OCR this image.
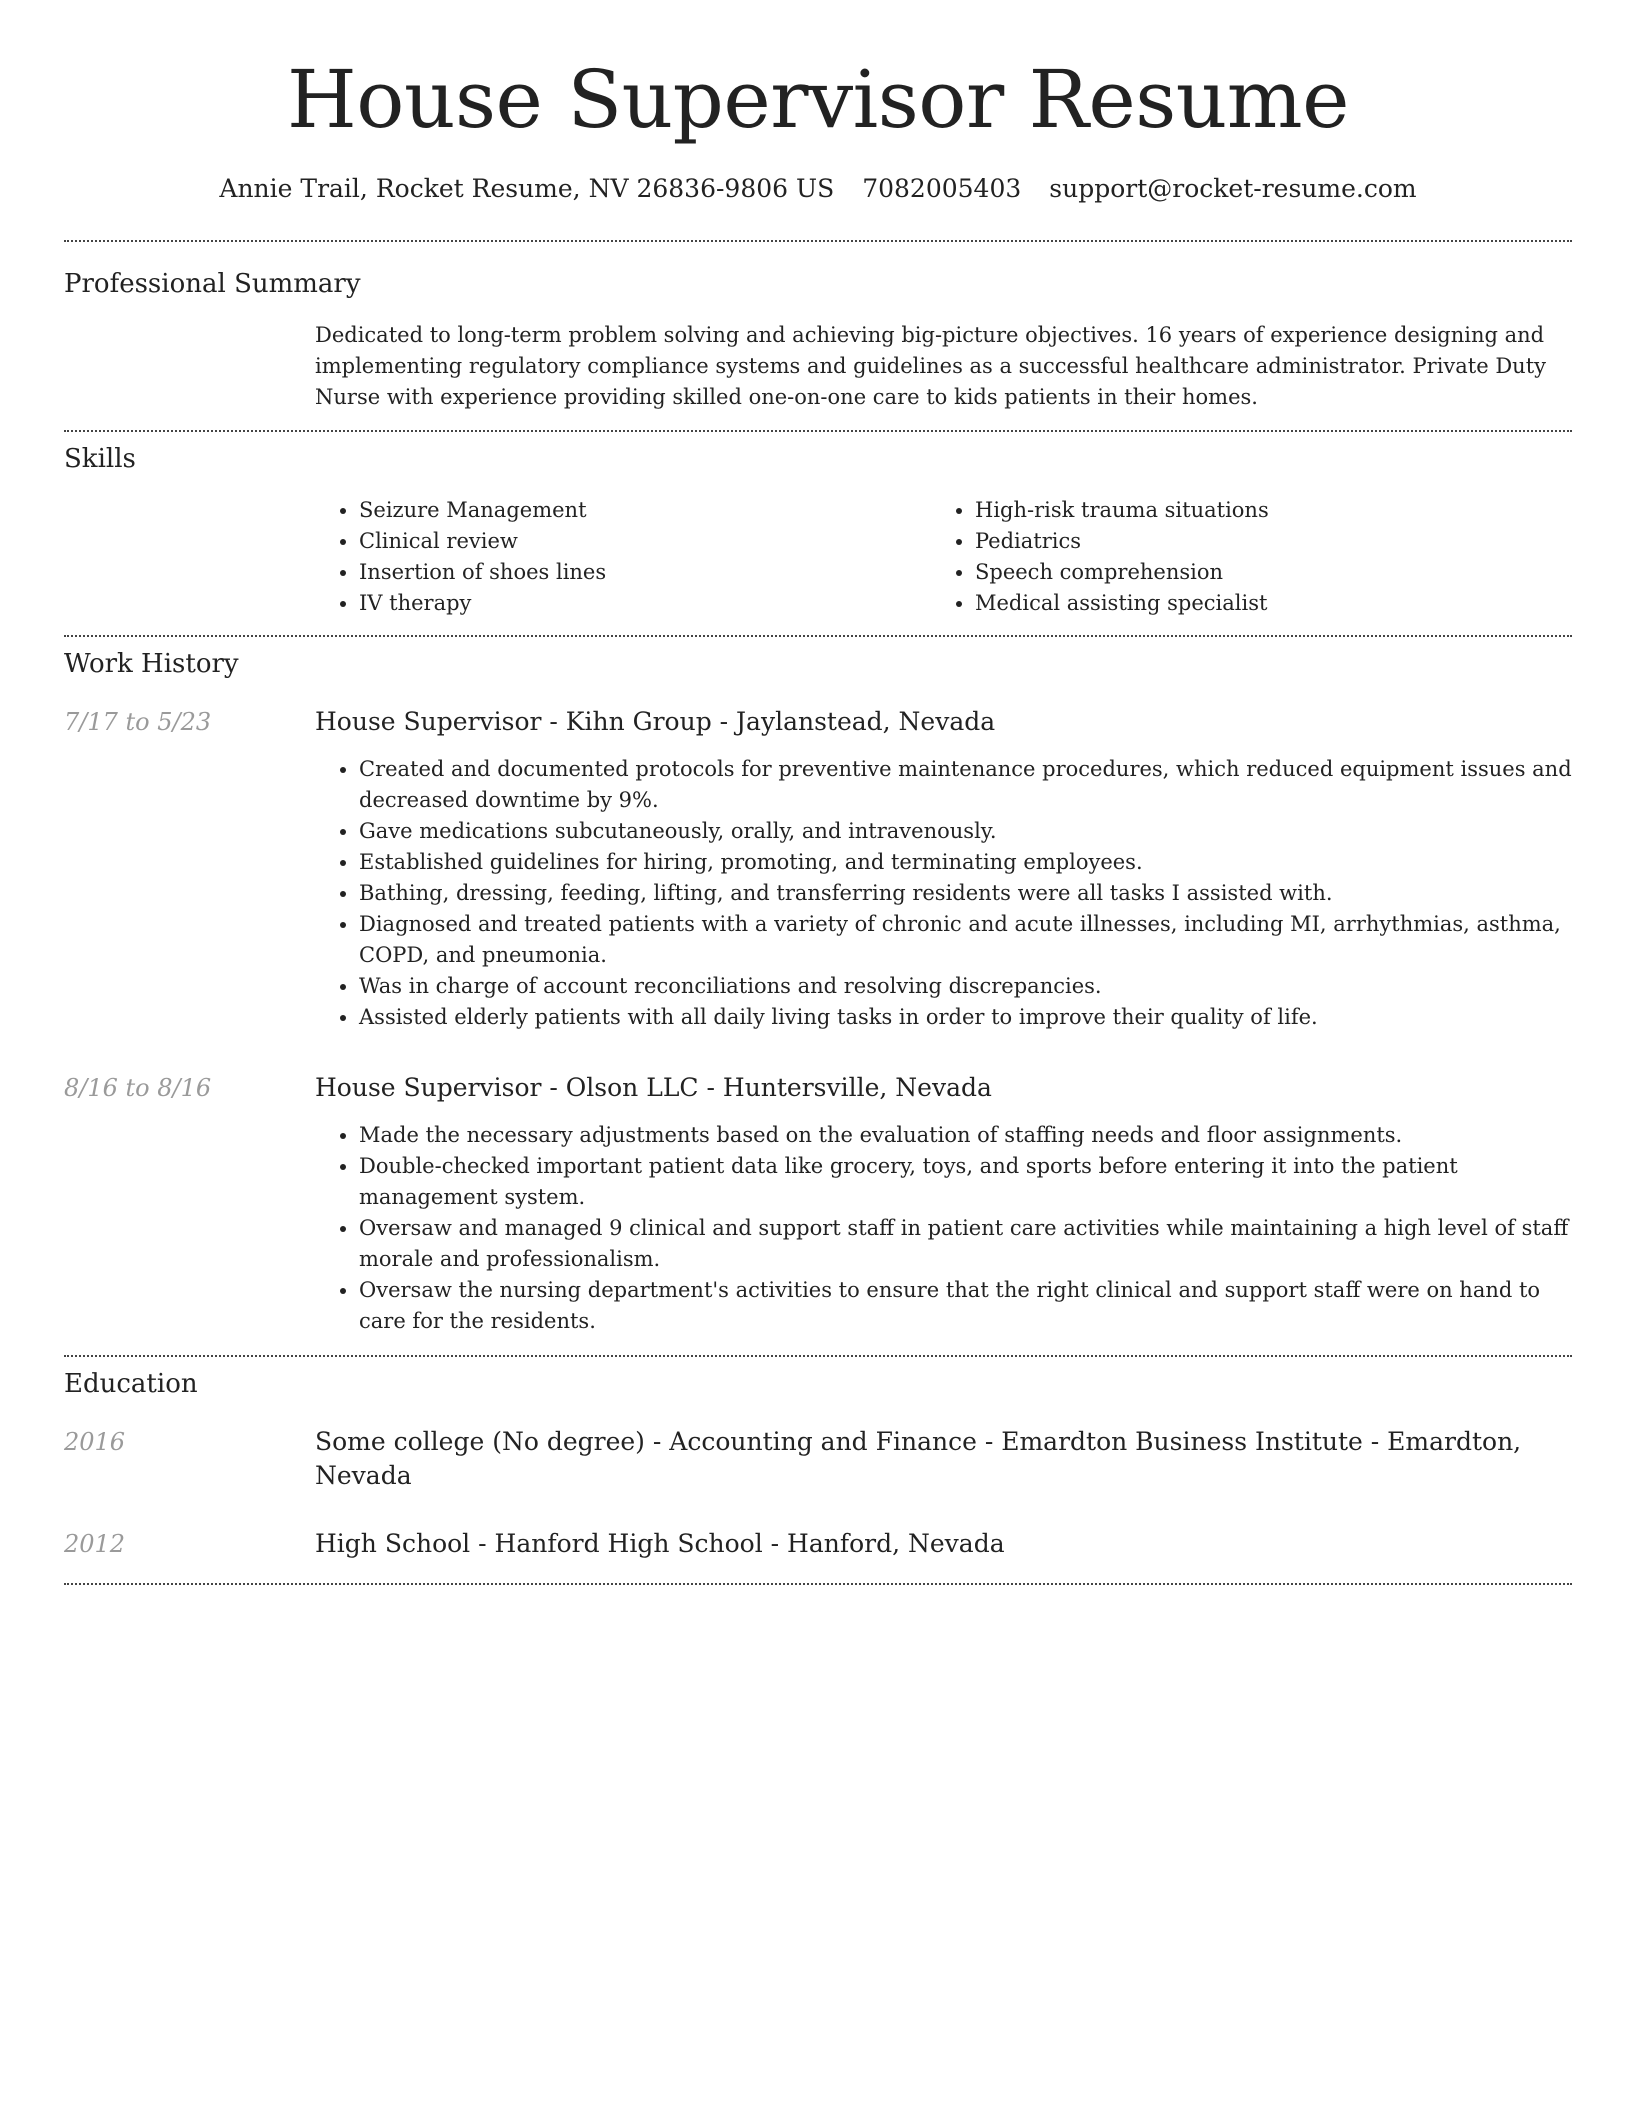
House Supervisor Resume
Annie Trail, Rocket Resume, NV 26836-9806 US 7082005403 support@rocket-resume.com
Professional Summary
Dedicated to long-term problem solving and achieving big-picture objectives. 16 years of experience designing and implementing regulatory compliance systems and guidelines as a successful healthcare administrator. Private Duty Nurse with experience providing skilled one-on-one care to kids patients in their homes.
Skills
• Seizure Management
• Clinical review
• Insertion of shoes lines
• IV therapy
• High-risk trauma situations
• Pediatrics
• Speech comprehension
• Medical assisting specialist
Work History
7/17 to 5/23	House Supervisor - Kihn Group - Jaylanstead, Nevada
• Created and documented protocols for preventive maintenance procedures, which reduced equipment issues and decreased downtime by 9%.
• Gave medications subcutaneously, orally, and intravenously.
• Established guidelines for hiring, promoting, and terminating employees.
• Bathing, dressing, feeding, lifting, and transferring residents were all tasks I assisted with.
• Diagnosed and treated patients with a variety of chronic and acute illnesses, including MI, arrhythmias, asthma, COPD, and pneumonia.
• Was in charge of account reconciliations and resolving discrepancies.
• Assisted elderly patients with all daily living tasks in order to improve their quality of life.
8/16 to 8/16	House Supervisor - Olson LLC - Huntersville, Nevada
• Made the necessary adjustments based on the evaluation of staffing needs and floor assignments.
• Double-checked important patient data like grocery, toys, and sports before entering it into the patient management system.
• Oversaw and managed 9 clinical and support staff in patient care activities while maintaining a high level of staff morale and professionalism.
• Oversaw the nursing department's activities to ensure that the right clinical and support staff were on hand to care for the residents.
Education
2016	Some college (No degree) - Accounting and Finance - Emardton Business Institute - Emardton, Nevada
2012	High School - Hanford High School - Hanford, Nevada
